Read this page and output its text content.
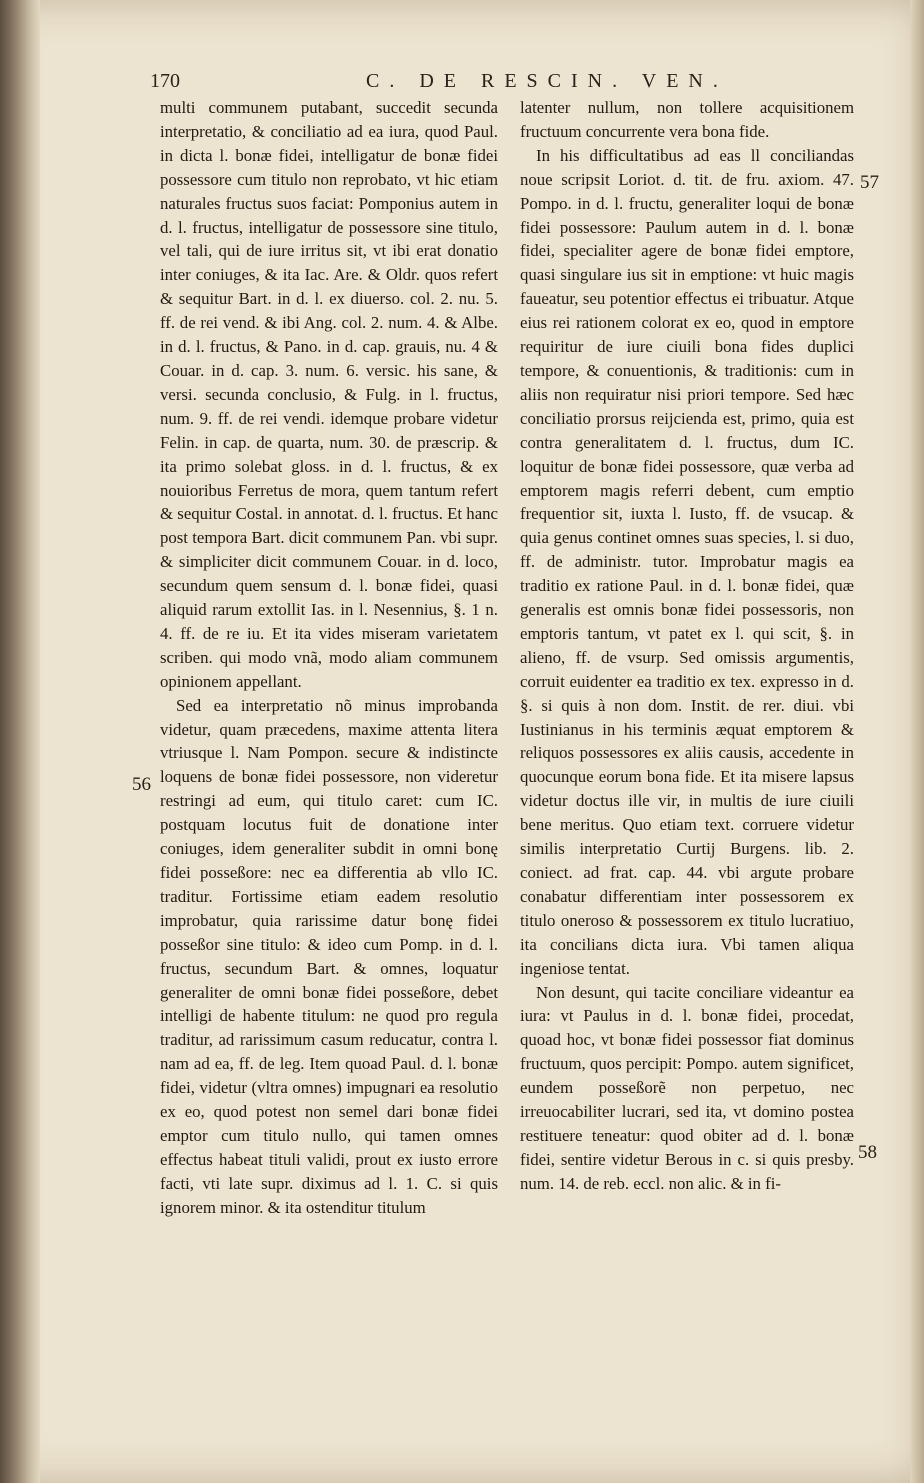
170	C. DE RESCIN. VEN.

multi communem putabant, succedit secunda interpretatio, & conciliatio ad ea iura, quod Paul. in dicta l. bonæ fidei, intelligatur de bonæ fidei possessore cum titulo non reprobato, vt hic etiam naturales fructus suos faciat: Pomponius autem in d. l. fructus, intelligatur de possessore sine titulo, vel tali, qui de iure irritus sit, vt ibi erat donatio inter coniuges, & ita Iac. Are. & Oldr. quos refert & sequitur Bart. in d. l. ex diuerso. col. 2. nu. 5. ff. de rei vend. & ibi Ang. col. 2. num. 4. & Albe. in d. l. fructus, & Pano. in d. cap. grauis, nu. 4 & Couar. in d. cap. 3. num. 6. versic. his sane, & versi. secunda conclusio, & Fulg. in l. fructus, num. 9. ff. de rei vendi. idemque probare videtur Felin. in cap. de quarta, num. 30. de præscrip. & ita primo solebat gloss. in d. l. fructus, & ex nouioribus Ferretus de mora, quem tantum refert & sequitur Costal. in annotat. d. l. fructus. Et hanc post tempora Bart. dicit communem Pan. vbi supr. & simpliciter dicit communem Couar. in d. loco, secundum quem sensum d. l. bonæ fidei, quasi aliquid rarum extollit Ias. in l. Nesennius, §. 1 n. 4. ff. de re iu. Et ita vides miseram varietatem scriben. qui modo vnã, modo aliam communem opinionem appellant.

Sed ea interpretatio nõ minus improbanda videtur, quam præcedens, maxime attenta litera vtriusque l. Nam Pompon. secure & indistincte loquens de bonæ fidei possessore, non videretur restringi ad eum, qui titulo caret: cum IC. postquam locutus fuit de donatione inter coniuges, idem generaliter subdit in omni bonę fidei posseßore: nec ea differentia ab vllo IC. traditur. Fortissime etiam eadem resolutio improbatur, quia rarissime datur bonę fidei posseßor sine titulo: & ideo cum Pomp. in d. l. fructus, secundum Bart. & omnes, loquatur generaliter de omni bonæ fidei posseßore, debet intelligi de habente titulum: ne quod pro regula traditur, ad rarissimum casum reducatur, contra l. nam ad ea, ff. de leg. Item quoad Paul. d. l. bonæ fidei, videtur (vltra omnes) impugnari ea resolutio ex eo, quod potest non semel dari bonæ fidei emptor cum titulo nullo, qui tamen omnes effectus habeat tituli validi, prout ex iusto errore facti, vti late supr. diximus ad l. 1. C. si quis ignorem minor. & ita ostenditur titulum

latenter nullum, non tollere acquisitionem fructuum concurrente vera bona fide.

In his difficultatibus ad eas ll conciliandas noue scripsit Loriot. d. tit. de fru. axiom. 47. Pompo. in d. l. fructu, generaliter loqui de bonæ fidei possessore: Paulum autem in d. l. bonæ fidei, specialiter agere de bonæ fidei emptore, quasi singulare ius sit in emptione: vt huic magis faueatur, seu potentior effectus ei tribuatur. Atque eius rei rationem colorat ex eo, quod in emptore requiritur de iure ciuili bona fides duplici tempore, & conuentionis, & traditionis: cum in aliis non requiratur nisi priori tempore. Sed hæc conciliatio prorsus reijcienda est, primo, quia est contra generalitatem d. l. fructus, dum IC. loquitur de bonæ fidei possessore, quæ verba ad emptorem magis referri debent, cum emptio frequentior sit, iuxta l. Iusto, ff. de vsucap. & quia genus continet omnes suas species, l. si duo, ff. de administr. tutor. Improbatur magis ea traditio ex ratione Paul. in d. l. bonæ fidei, quæ generalis est omnis bonæ fidei possessoris, non emptoris tantum, vt patet ex l. qui scit, §. in alieno, ff. de vsurp. Sed omissis argumentis, corruit euidenter ea traditio ex tex. expresso in d. §. si quis à non dom. Instit. de rer. diui. vbi Iustinianus in his terminis æquat emptorem & reliquos possessores ex aliis causis, accedente in quocunque eorum bona fide. Et ita misere lapsus videtur doctus ille vir, in multis de iure ciuili bene meritus. Quo etiam text. corruere videtur similis interpretatio Curtij Burgens. lib. 2. coniect. ad frat. cap. 44. vbi argute probare conabatur differentiam inter possessorem ex titulo oneroso & possessorem ex titulo lucratiuo, ita concilians dicta iura. Vbi tamen aliqua ingeniose tentat.

Non desunt, qui tacite conciliare videantur ea iura: vt Paulus in d. l. bonæ fidei, procedat, quoad hoc, vt bonæ fidei possessor fiat dominus fructuum, quos percipit: Pompo. autem significet, eundem posseßorẽ non perpetuo, nec irreuocabiliter lucrari, sed ita, vt domino postea restituere teneatur: quod obiter ad d. l. bonæ fidei, sentire videtur Berous in c. si quis presby. num. 14. de reb. eccl. non alic. & in fi-

56
57
58
